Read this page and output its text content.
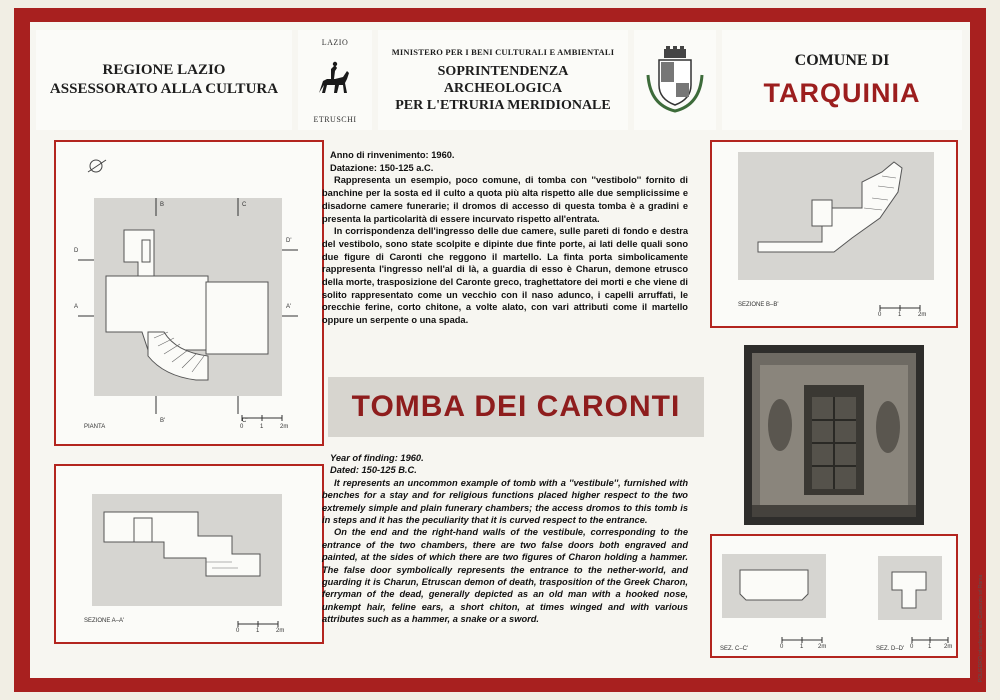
REGIONE LAZIO
ASSESSORATO ALLA CULTURA
LAZIO
ETRUSCHI
MINISTERO PER I BENI CULTURALI E AMBIENTALI
SOPRINTENDENZA ARCHEOLOGICA
PER L'ETRURIA MERIDIONALE
COMUNE DI
TARQUINIA
B	C
D
D'
A	A'
B'	C'
PIANTA	0	1	2m
SEZIONE A–A'
0	1	2m
SEZIONE B–B'
0	1	2m
SEZ. C–C'	0	1 2m	SEZ. D–D' 0 1 2m

Anno di rinvenimento: 1960.

Datazione: 150-125 a.C.

Rappresenta un esempio, poco comune, di tomba con ''vestibolo'' fornito di banchine per la sosta ed il culto a quota più alta rispetto alle due semplicissime e disadorne camere funerarie; il dromos di accesso di questa tomba è a gradini e presenta la particolarità di essere incurvato rispetto all'entrata.

In corrispondenza dell'ingresso delle due camere, sulle pareti di fondo e destra del vestibolo, sono state scolpite e dipinte due finte porte, ai lati delle quali sono due figure di Caronti che reggono il martello. La finta porta simbolicamente rappresenta l'ingresso nell'al di là, a guardia di esso è Charun, demone etrusco della morte, trasposizione del Caronte greco, traghettatore dei morti e che viene di solito rappresentato come un vecchio con il naso adunco, i capelli arruffati, le orecchie ferine, corto chitone, a volte alato, con vari attributi come il martello oppure un serpente o una spada.

TOMBA DEI CARONTI

Year of finding: 1960.

Dated: 150-125 B.C.

It represents an uncommon example of tomb with a ''vestibule'', furnished with benches for a stay and for religious functions placed higher respect to the two extremely simple and plain funerary chambers; the access dromos to this tomb is in steps and it has the peculiarity that it is curved respect to the entrance.

On the end and the right-hand walls of the vestibule, corresponding to the entrance of the two chambers, there are two false doors both engraved and painted, at the sides of which there are two figures of Charon holding a hammer. The false door symbolically represents the entrance to the nether-world, and guarding it is Charun, Etruscan demon of death, trasposition of the Greek Charon, ferryman of the dead, generally depicted as an old man with a hooked nose, unkempt hair, feline ears, a short chiton, at times winged and with various attributes such as a hammer, a snake or a sword.	POLIEDRO interdisciplinare Consorzio srl Roma
